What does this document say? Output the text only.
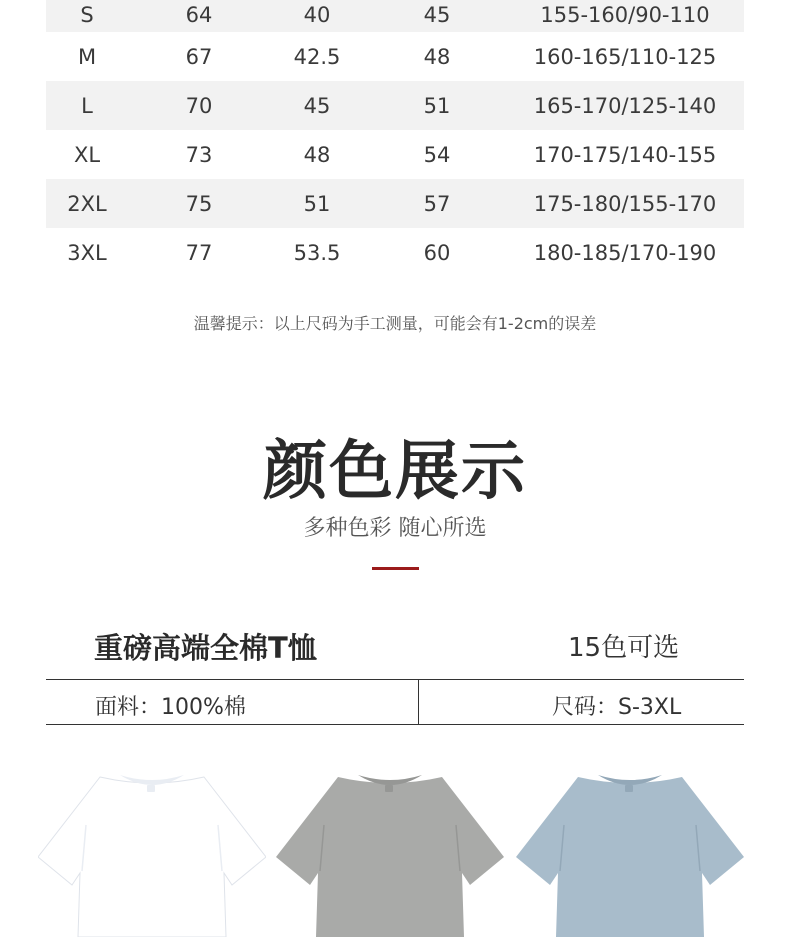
S	64	40	45	155-160/90-110
M	67	42.5	48	160-165/110-125
L	70	45	51	165-170/125-140
XL	73	48	54	170-175/140-155
2XL	75	51	57	175-180/155-170
3XL	77	53.5	60	180-185/170-190
温馨提示：以上尺码为手工测量，可能会有1-2cm的误差
颜色展示
多种色彩 随心所选
重磅高端全棉T恤	15色可选
面料：100%棉	尺码：S-3XL
